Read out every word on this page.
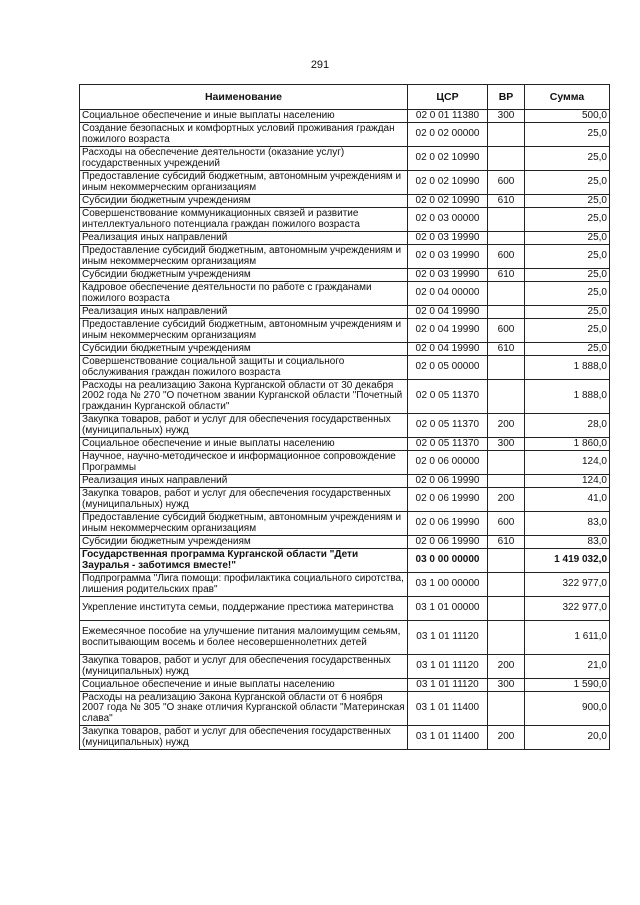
291
Наименование	ЦСР	ВР	Сумма
Социальное обеспечение и иные выплаты населению	02 0 01 11380	300	500,0
Создание безопасных и комфортных условий проживания граждан пожилого возраста	02 0 02 00000		25,0
Расходы на обеспечение деятельности (оказание услуг) государственных учреждений	02 0 02 10990		25,0
Предоставление субсидий бюджетным, автономным учреждениям и иным некоммерческим организациям	02 0 02 10990	600	25,0
Субсидии бюджетным учреждениям	02 0 02 10990	610	25,0
Совершенствование коммуникационных связей и развитие интеллектуального потенциала граждан пожилого возраста	02 0 03 00000		25,0
Реализация иных направлений	02 0 03 19990		25,0
Предоставление субсидий бюджетным, автономным учреждениям и иным некоммерческим организациям	02 0 03 19990	600	25,0
Субсидии бюджетным учреждениям	02 0 03 19990	610	25,0
Кадровое обеспечение деятельности по работе с гражданами пожилого возраста	02 0 04 00000		25,0
Реализация иных направлений	02 0 04 19990		25,0
Предоставление субсидий бюджетным, автономным учреждениям и иным некоммерческим организациям	02 0 04 19990	600	25,0
Субсидии бюджетным учреждениям	02 0 04 19990	610	25,0
Совершенствование социальной защиты и социального обслуживания граждан пожилого возраста	02 0 05 00000		1 888,0
Расходы на реализацию Закона Курганской области от 30 декабря 2002 года № 270 "О почетном звании Курганской области "Почетный гражданин Курганской области"	02 0 05 11370		1 888,0
Закупка товаров, работ и услуг для обеспечения государственных (муниципальных) нужд	02 0 05 11370	200	28,0
Социальное обеспечение и иные выплаты населению	02 0 05 11370	300	1 860,0
Научное, научно-методическое и информационное сопровождение Программы	02 0 06 00000		124,0
Реализация иных направлений	02 0 06 19990		124,0
Закупка товаров, работ и услуг для обеспечения государственных (муниципальных) нужд	02 0 06 19990	200	41,0
Предоставление субсидий бюджетным, автономным учреждениям и иным некоммерческим организациям	02 0 06 19990	600	83,0
Субсидии бюджетным учреждениям	02 0 06 19990	610	83,0
Государственная программа Курганской области "Дети Зауралья - заботимся вместе!"	03 0 00 00000		1 419 032,0
Подпрограмма "Лига помощи: профилактика социального сиротства, лишения родительских прав"	03 1 00 00000		322 977,0
Укрепление института семьи, поддержание престижа материнства	03 1 01 00000		322 977,0
Ежемесячное пособие на улучшение питания малоимущим семьям, воспитывающим восемь и более несовершеннолетних детей	03 1 01 11120		1 611,0
Закупка товаров, работ и услуг для обеспечения государственных (муниципальных) нужд	03 1 01 11120	200	21,0
Социальное обеспечение и иные выплаты населению	03 1 01 11120	300	1 590,0
Расходы на реализацию Закона Курганской области от 6 ноября 2007 года № 305 "О знаке отличия Курганской области "Материнская слава"	03 1 01 11400		900,0
Закупка товаров, работ и услуг для обеспечения государственных (муниципальных) нужд	03 1 01 11400	200	20,0
